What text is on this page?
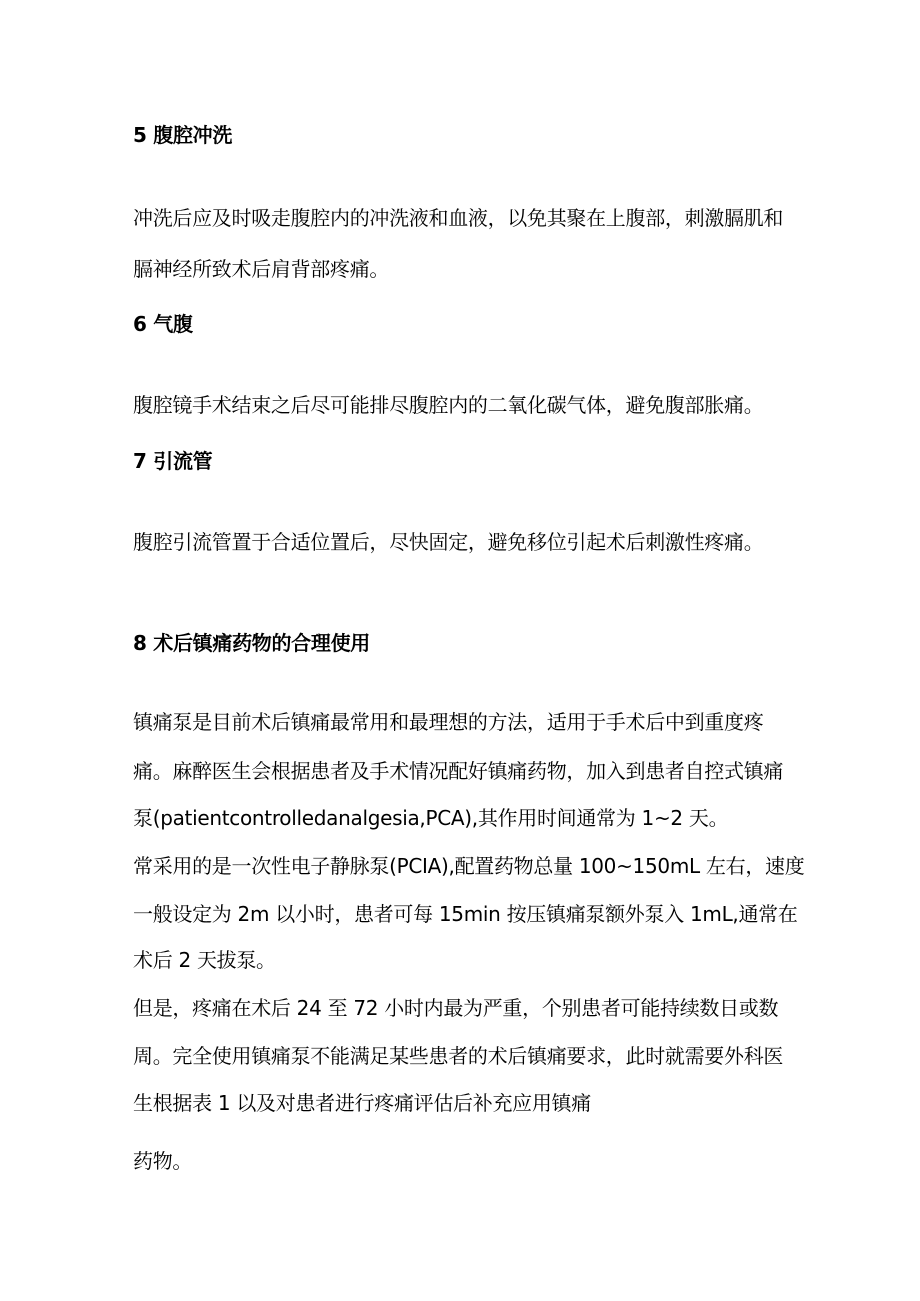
5 腹腔冲洗
冲洗后应及时吸走腹腔内的冲洗液和血液，以免其聚在上腹部，刺激膈肌和
膈神经所致术后肩背部疼痛。
6 气腹
腹腔镜手术结束之后尽可能排尽腹腔内的二氧化碳气体，避免腹部胀痛。
7 引流管
腹腔引流管置于合适位置后，尽快固定，避免移位引起术后刺激性疼痛。
8 术后镇痛药物的合理使用
镇痛泵是目前术后镇痛最常用和最理想的方法，适用于手术后中到重度疼
痛。麻醉医生会根据患者及手术情况配好镇痛药物，加入到患者自控式镇痛
泵(patientcontrolledanalgesia,PCA),其作用时间通常为 1~2 天。
常采用的是一次性电子静脉泵(PCIA),配置药物总量 100~150mL 左右，速度
一般设定为 2m 以小时，患者可每 15min 按压镇痛泵额外泵入 1mL,通常在
术后 2 天拔泵。
但是，疼痛在术后 24 至 72 小时内最为严重，个别患者可能持续数日或数
周。完全使用镇痛泵不能满足某些患者的术后镇痛要求，此时就需要外科医
生根据表 1 以及对患者进行疼痛评估后补充应用镇痛
药物。
